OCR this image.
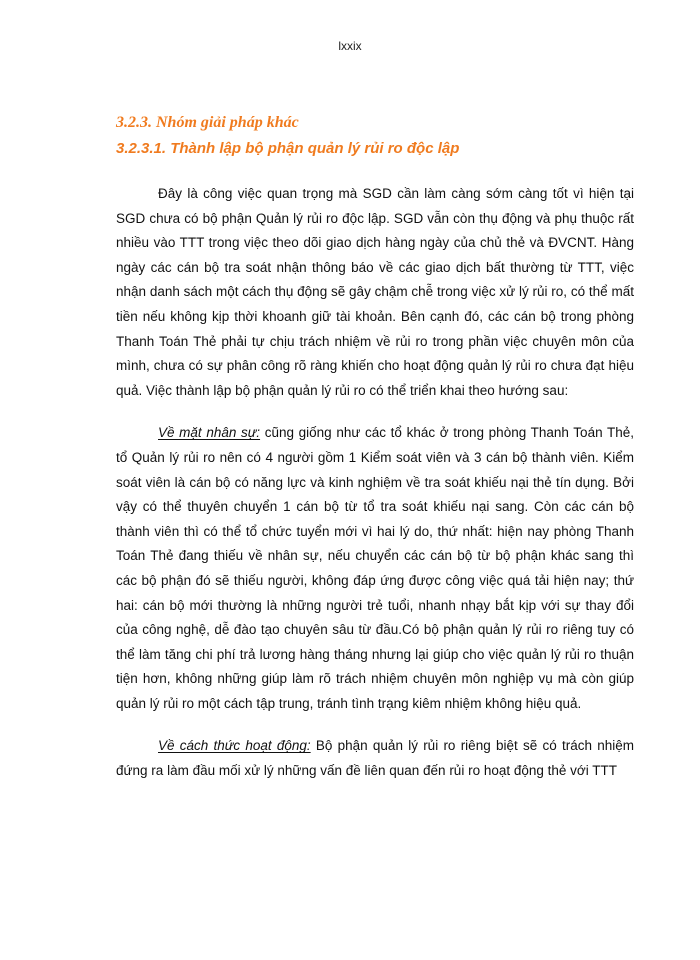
lxxix
3.2.3. Nhóm giải pháp khác
3.2.3.1. Thành lập bộ phận quản lý rủi ro độc lập

Đây là công việc quan trọng mà SGD cần làm càng sớm càng tốt vì hiện tại SGD chưa có bộ phận Quản lý rủi ro độc lập. SGD vẫn còn thụ động và phụ thuộc rất nhiều vào TTT trong việc theo dõi giao dịch hàng ngày của chủ thẻ và ĐVCNT. Hàng ngày các cán bộ tra soát nhận thông báo về các giao dịch bất thường từ TTT, việc nhận danh sách một cách thụ động sẽ gây chậm chễ trong việc xử lý rủi ro, có thể mất tiền nếu không kịp thời khoanh giữ tài khoản. Bên cạnh đó, các cán bộ trong phòng Thanh Toán Thẻ phải tự chịu trách nhiệm về rủi ro trong phần việc chuyên môn của mình, chưa có sự phân công rõ ràng khiến cho hoạt động quản lý rủi ro chưa đạt hiệu quả. Việc thành lập bộ phận quản lý rủi ro có thể triển khai theo hướng sau:

Về mặt nhân sự: cũng giống như các tổ khác ở trong phòng Thanh Toán Thẻ, tổ Quản lý rủi ro nên có 4 người gồm 1 Kiểm soát viên và 3 cán bộ thành viên. Kiểm soát viên là cán bộ có năng lực và kinh nghiệm về tra soát khiếu nại thẻ tín dụng. Bởi vậy có thể thuyên chuyển 1 cán bộ từ tổ tra soát khiếu nại sang. Còn các cán bộ thành viên thì có thể tổ chức tuyển mới vì hai lý do, thứ nhất: hiện nay phòng Thanh Toán Thẻ đang thiếu về nhân sự, nếu chuyển các cán bộ từ bộ phận khác sang thì các bộ phận đó sẽ thiếu người, không đáp ứng được công việc quá tải hiện nay; thứ hai: cán bộ mới thường là những người trẻ tuổi, nhanh nhạy bắt kịp với sự thay đổi của công nghệ, dễ đào tạo chuyên sâu từ đầu.Có bộ phận quản lý rủi ro riêng tuy có thể làm tăng chi phí trả lương hàng tháng nhưng lại giúp cho việc quản lý rủi ro thuận tiện hơn, không những giúp làm rõ trách nhiệm chuyên môn nghiệp vụ mà còn giúp quản lý rủi ro một cách tập trung, tránh tình trạng kiêm nhiệm không hiệu quả.

Về cách thức hoạt động: Bộ phận quản lý rủi ro riêng biệt sẽ có trách nhiệm đứng ra làm đầu mối xử lý những vấn đề liên quan đến rủi ro hoạt động thẻ với TTT
